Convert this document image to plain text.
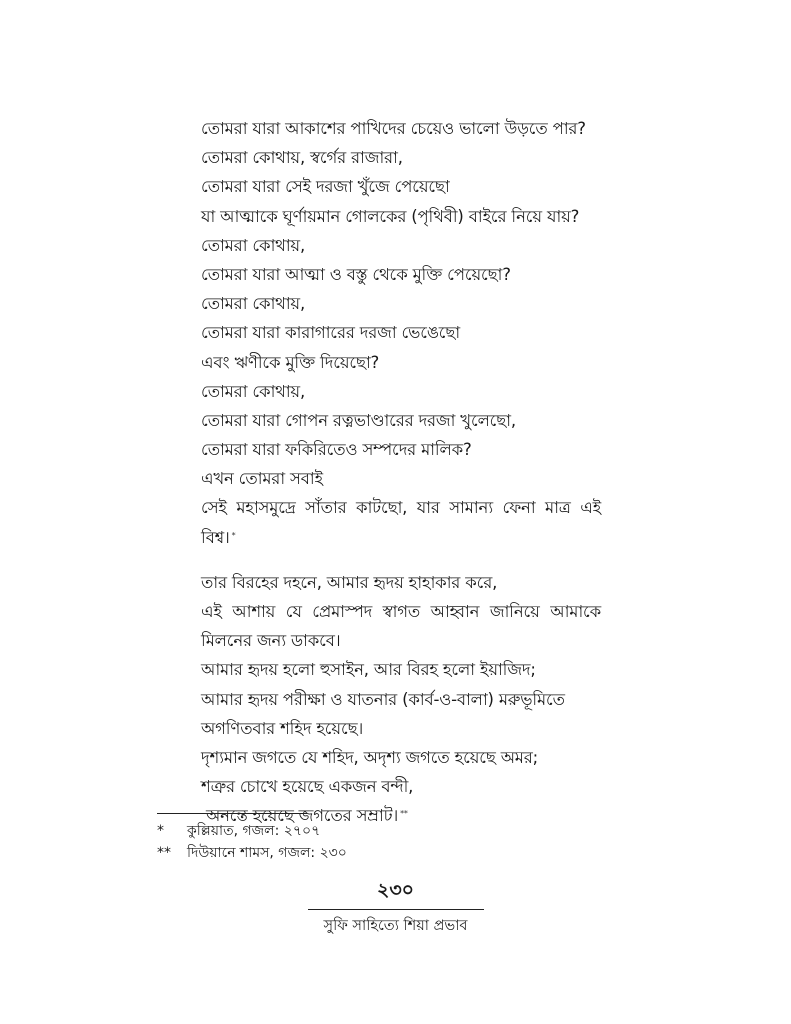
তোমরা যারা আকাশের পাখিদের চেয়েও ভালো উড়তে পার?
তোমরা কোথায়, স্বর্গের রাজারা,
তোমরা যারা সেই দরজা খুঁজে পেয়েছো
যা আত্মাকে ঘূর্ণায়মান গোলকের (পৃথিবী) বাইরে নিয়ে যায়?
তোমরা কোথায়,
তোমরা যারা আত্মা ও বস্তু থেকে মুক্তি পেয়েছো?
তোমরা কোথায়,
তোমরা যারা কারাগারের দরজা ভেঙেছো
এবং ঋণীকে মুক্তি দিয়েছো?
তোমরা কোথায়,
তোমরা যারা গোপন রত্নভাণ্ডারের দরজা খুলেছো,
তোমরা যারা ফকিরিতেও সম্পদের মালিক?
এখন তোমরা সবাই
সেই মহাসমুদ্রে সাঁতার কাটছো, যার সামান্য ফেনা মাত্র এই
বিশ্ব। *
তার বিরহের দহনে, আমার হৃদয় হাহাকার করে,
এই আশায় যে প্রেমাস্পদ স্বাগত আহ্বান জানিয়ে আমাকে
মিলনের জন্য ডাকবে।
আমার হৃদয় হলো হুসাইন, আর বিরহ হলো ইয়াজিদ;
আমার হৃদয় পরীক্ষা ও যাতনার (কার্ব-ও-বালা) মরুভূমিতে
অগণিতবার শহিদ হয়েছে।
দৃশ্যমান জগতে যে শহিদ, অদৃশ্য জগতে হয়েছে অমর;
শত্রুর চোখে হয়েছে একজন বন্দী,
অনন্তে হয়েছে জগতের সম্রাট। **
* কুল্লিয়াত, গজল: ২৭০৭
** দিউয়ানে শামস, গজল: ২৩০
২৩০
সুফি সাহিত্যে শিয়া প্রভাব
